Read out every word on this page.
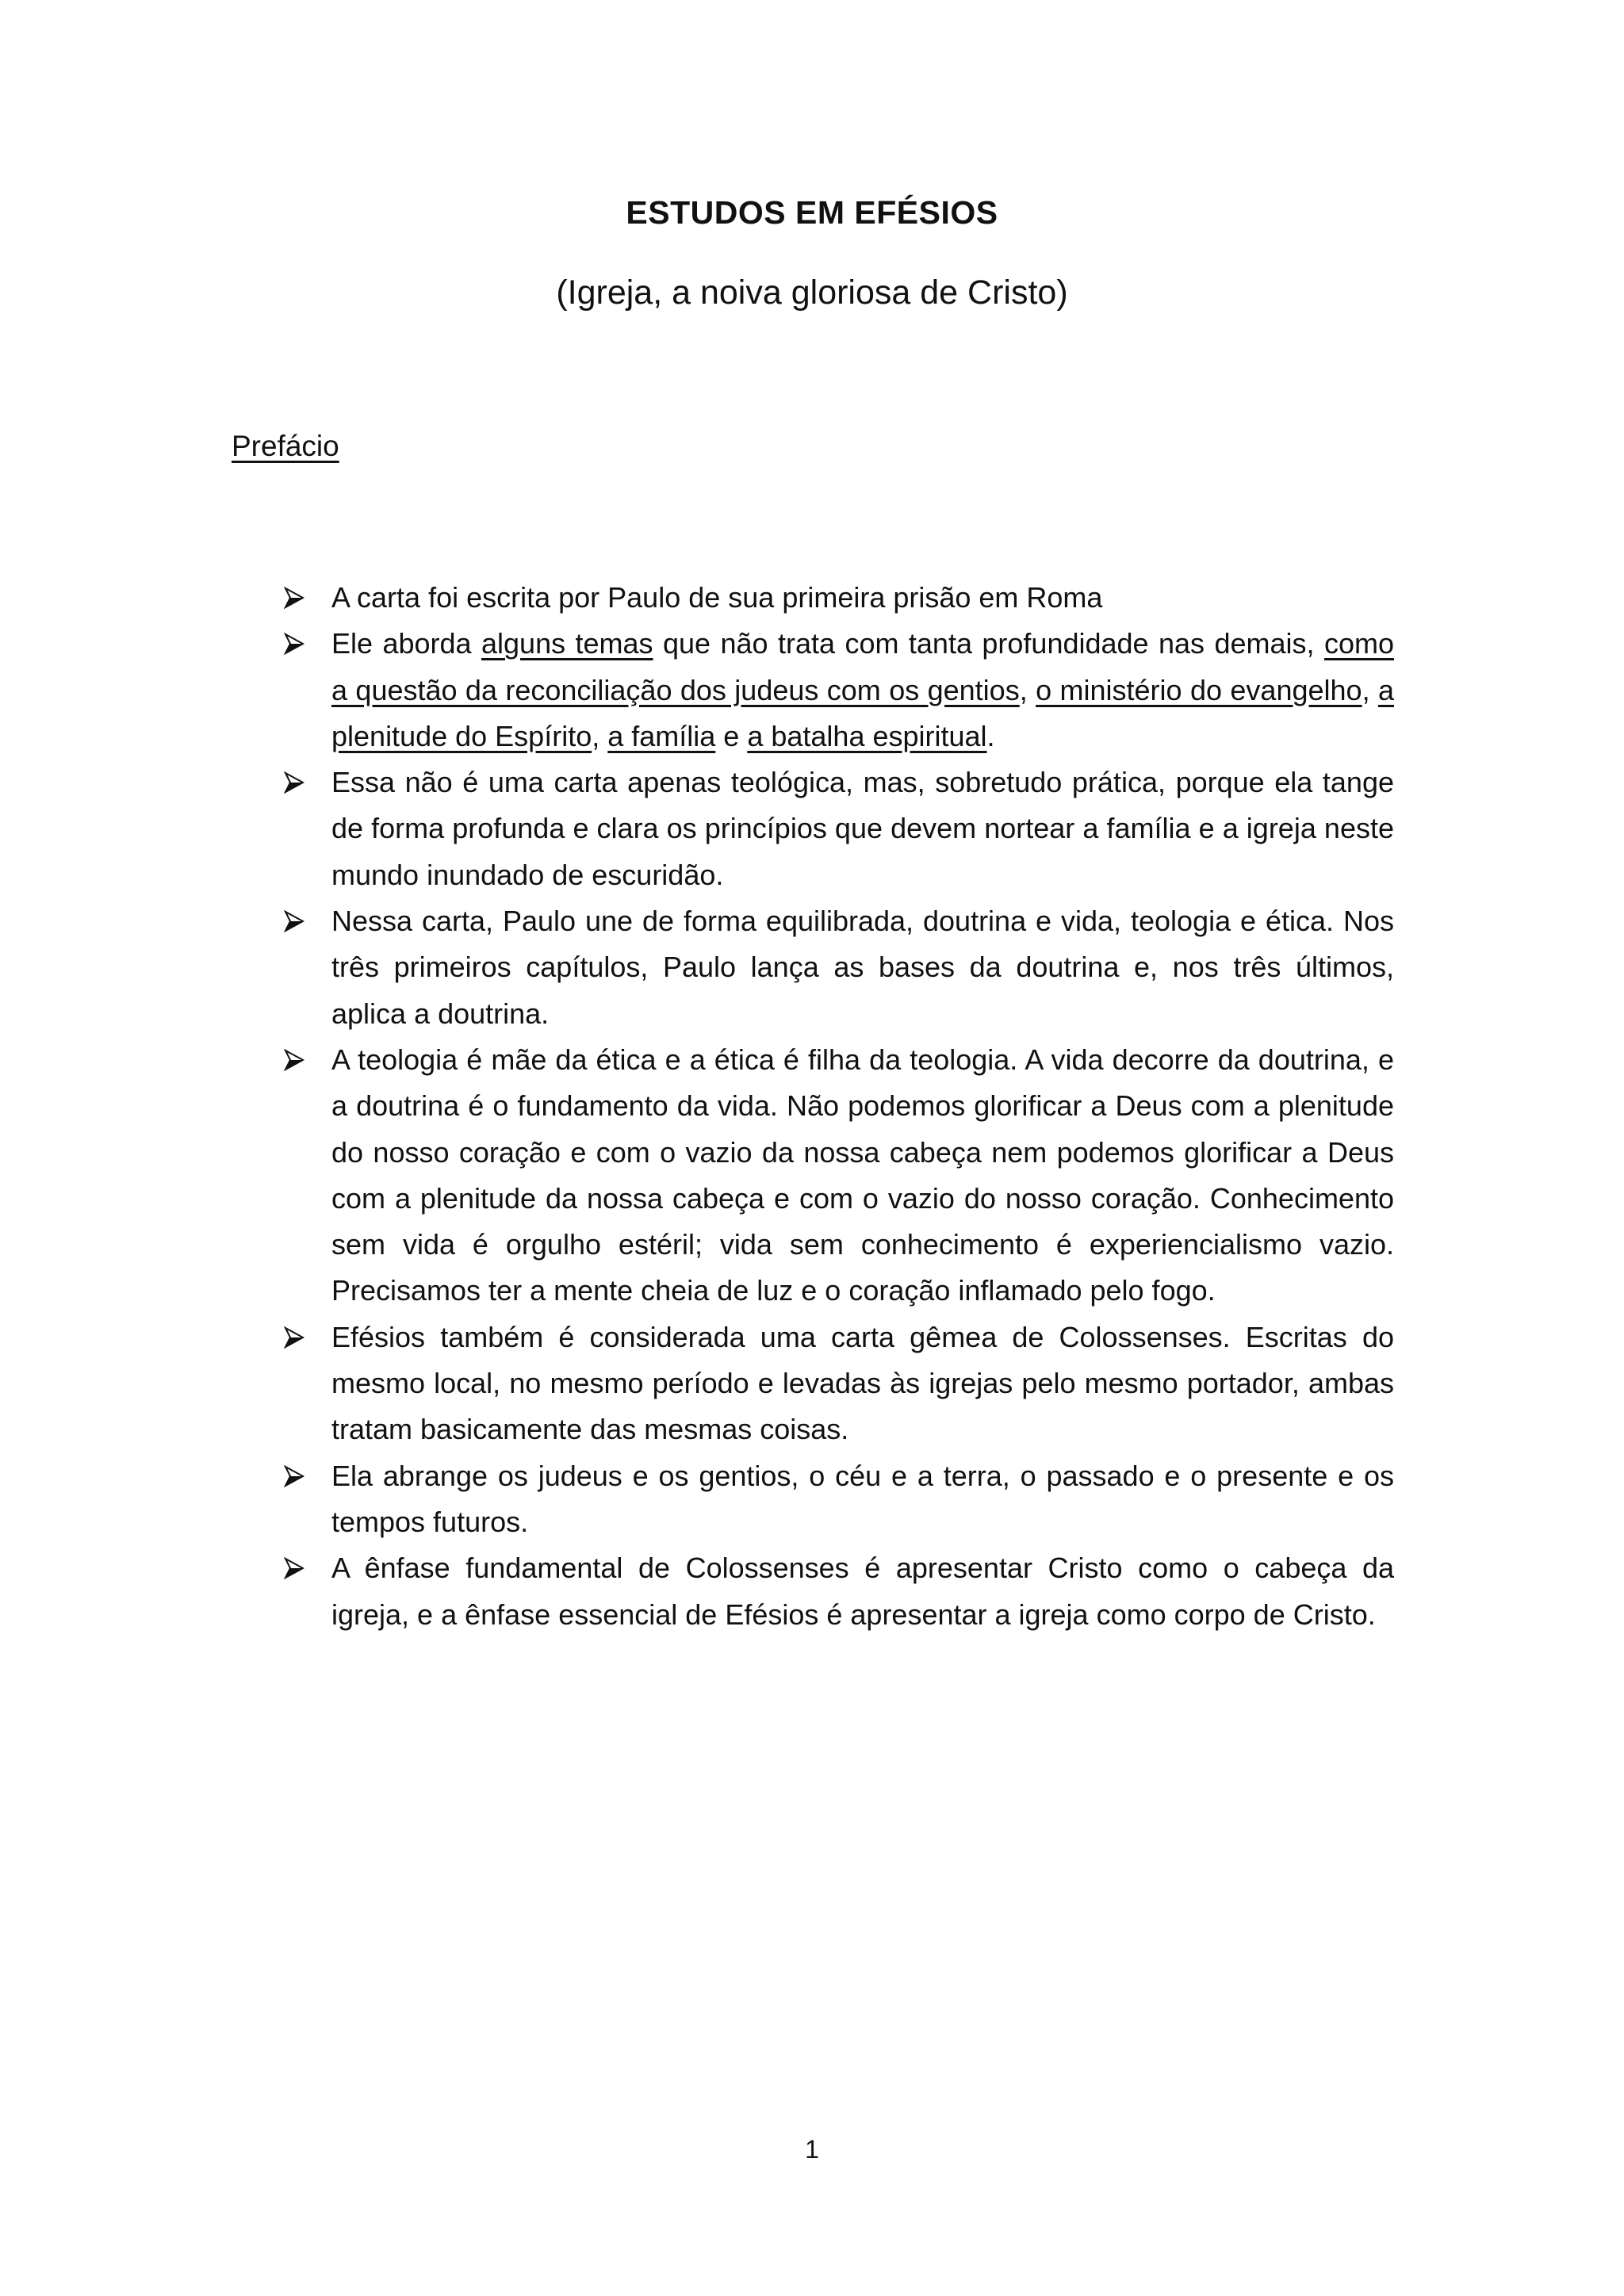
ESTUDOS EM EFÉSIOS
(Igreja, a noiva gloriosa de Cristo)
Prefácio
A carta foi escrita por Paulo de sua primeira prisão em Roma
Ele aborda alguns temas que não trata com tanta profundidade nas demais, como a questão da reconciliação dos judeus com os gentios, o ministério do evangelho, a plenitude do Espírito, a família e a batalha espiritual.
Essa não é uma carta apenas teológica, mas, sobretudo prática, porque ela tange de forma profunda e clara os princípios que devem nortear a família e a igreja neste mundo inundado de escuridão.
Nessa carta, Paulo une de forma equilibrada, doutrina e vida, teologia e ética. Nos três primeiros capítulos, Paulo lança as bases da doutrina e, nos três últimos, aplica a doutrina.
A teologia é mãe da ética e a ética é filha da teologia. A vida decorre da doutrina, e a doutrina é o fundamento da vida. Não podemos glorificar a Deus com a plenitude do nosso coração e com o vazio da nossa cabeça nem podemos glorificar a Deus com a plenitude da nossa cabeça e com o vazio do nosso coração. Conhecimento sem vida é orgulho estéril; vida sem conhecimento é experiencialismo vazio. Precisamos ter a mente cheia de luz e o coração inflamado pelo fogo.
Efésios também é considerada uma carta gêmea de Colossenses. Escritas do mesmo local, no mesmo período e levadas às igrejas pelo mesmo portador, ambas tratam basicamente das mesmas coisas.
Ela abrange os judeus e os gentios, o céu e a terra, o passado e o presente e os tempos futuros.
A ênfase fundamental de Colossenses é apresentar Cristo como o cabeça da igreja, e a ênfase essencial de Efésios é apresentar a igreja como corpo de Cristo.
1
